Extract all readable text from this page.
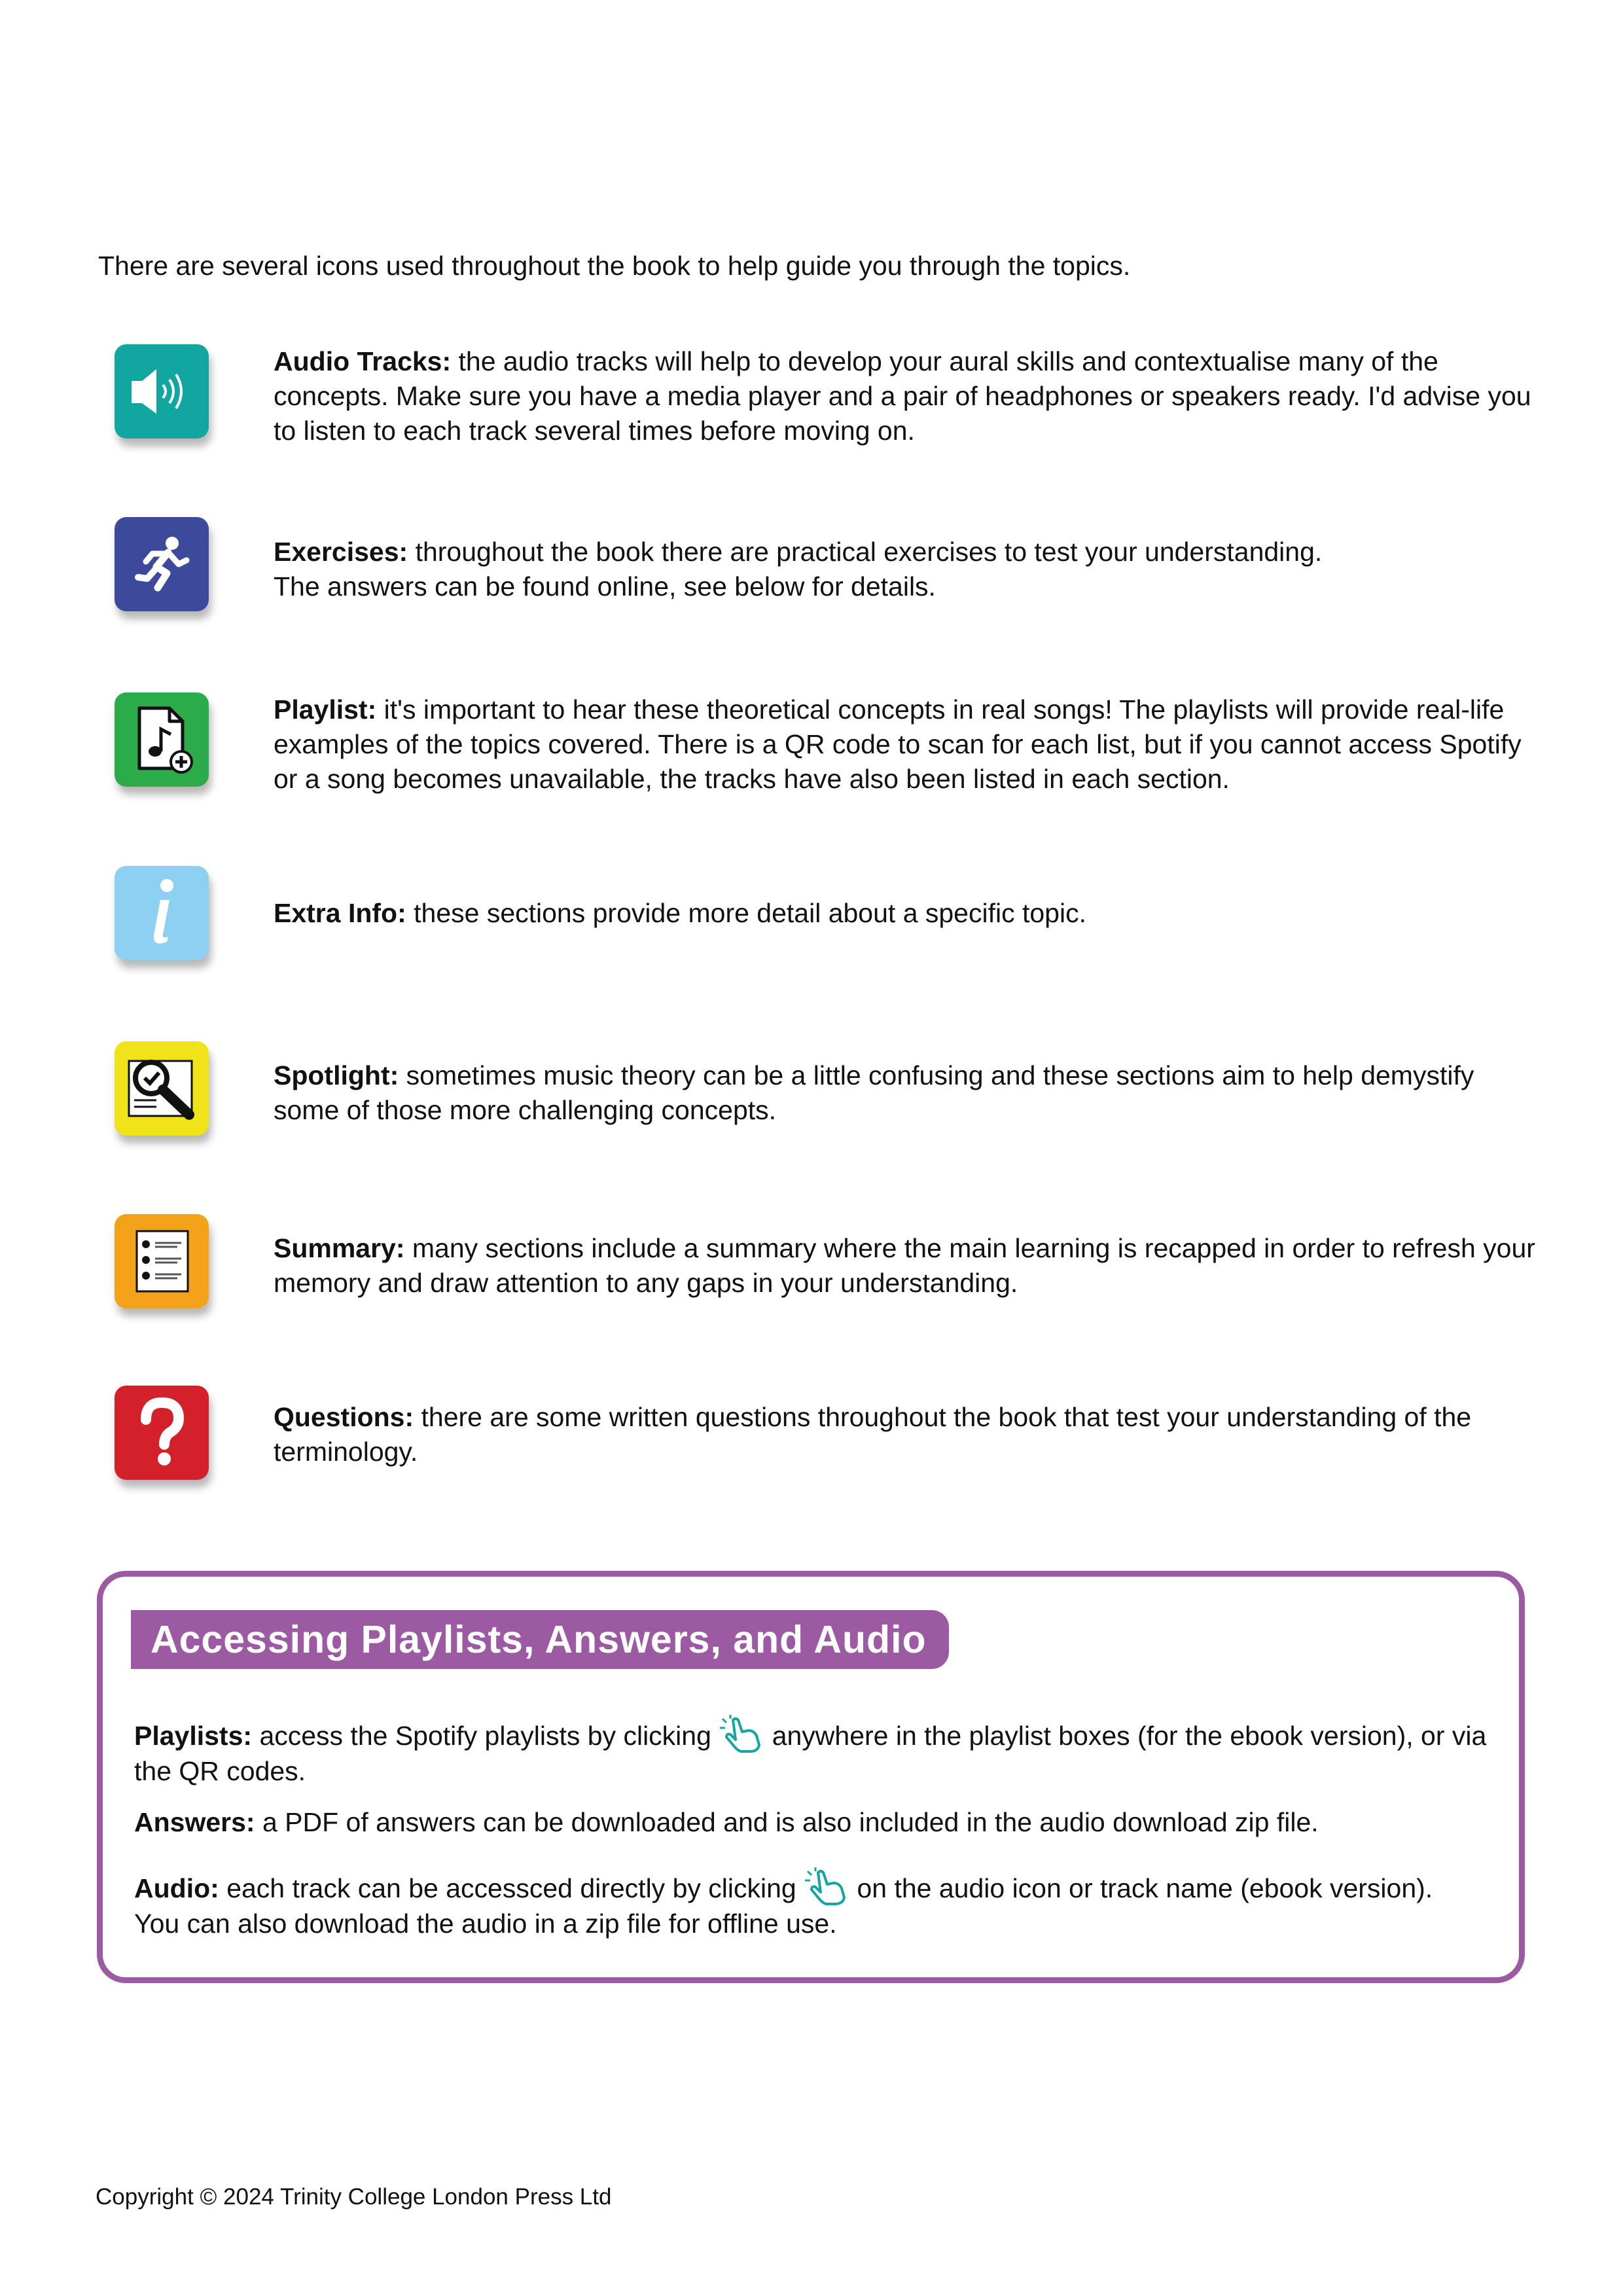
There are several icons used throughout the book to help guide you through the topics.
Audio Tracks: the audio tracks will help to develop your aural skills and contextualise many of the concepts. Make sure you have a media player and a pair of headphones or speakers ready. I'd advise you to listen to each track several times before moving on.
Exercises: throughout the book there are practical exercises to test your understanding.
The answers can be found online, see below for details.
Playlist: it's important to hear these theoretical concepts in real songs! The playlists will provide real-life examples of the topics covered. There is a QR code to scan for each list, but if you cannot access Spotify or a song becomes unavailable, the tracks have also been listed in each section.
Extra Info: these sections provide more detail about a specific topic.
Spotlight: sometimes music theory can be a little confusing and these sections aim to help demystify some of those more challenging concepts.
Summary: many sections include a summary where the main learning is recapped in order to refresh your memory and draw attention to any gaps in your understanding.
Questions: there are some written questions throughout the book that test your understanding of the terminology.
Accessing Playlists, Answers, and Audio
Playlists: access the Spotify playlists by clicking  anywhere in the playlist boxes (for the ebook version), or via the QR codes.
Answers: a PDF of answers can be downloaded and is also included in the audio download zip file.
Audio: each track can be accessced directly by clicking  on the audio icon or track name (ebook version).
You can also download the audio in a zip file for offline use.
Copyright © 2024 Trinity College London Press Ltd
